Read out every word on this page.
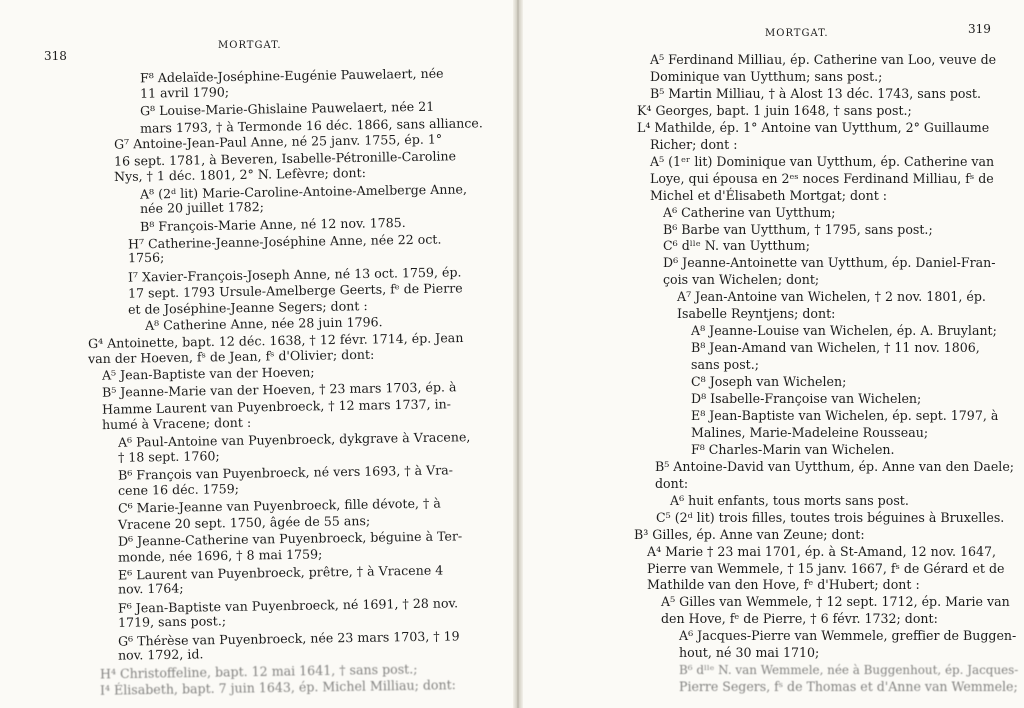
318
MORTGAT.
F⁸ Adelaïde-Joséphine-Eugénie Pauwelaert, née
11 avril 1790;
G⁸ Louise-Marie-Ghislaine Pauwelaert, née 21
mars 1793, † à Termonde 16 déc. 1866, sans alliance.
G⁷ Antoine-Jean-Paul Anne, né 25 janv. 1755, ép. 1°
16 sept. 1781, à Beveren, Isabelle-Pétronille-Caroline
Nys, † 1 déc. 1801, 2° N. Lefèvre; dont:
A⁸ (2ᵈ lit) Marie-Caroline-Antoine-Amelberge Anne,
née 20 juillet 1782;
B⁸ François-Marie Anne, né 12 nov. 1785.
H⁷ Catherine-Jeanne-Joséphine Anne, née 22 oct.
1756;
I⁷ Xavier-François-Joseph Anne, né 13 oct. 1759, ép.
17 sept. 1793 Ursule-Amelberge Geerts, fᵉ de Pierre
et de Joséphine-Jeanne Segers; dont :
A⁸ Catherine Anne, née 28 juin 1796.
G⁴ Antoinette, bapt. 12 déc. 1638, † 12 févr. 1714, ép. Jean
van der Hoeven, fˢ de Jean, fˢ d'Olivier; dont:
A⁵ Jean-Baptiste van der Hoeven;
B⁵ Jeanne-Marie van der Hoeven, † 23 mars 1703, ép. à
Hamme Laurent van Puyenbroeck, † 12 mars 1737, in-
humé à Vracene; dont :
A⁶ Paul-Antoine van Puyenbroeck, dykgrave à Vracene,
† 18 sept. 1760;
B⁶ François van Puyenbroeck, né vers 1693, † à Vra-
cene 16 déc. 1759;
C⁶ Marie-Jeanne van Puyenbroeck, fille dévote, † à
Vracene 20 sept. 1750, âgée de 55 ans;
D⁶ Jeanne-Catherine van Puyenbroeck, béguine à Ter-
monde, née 1696, † 8 mai 1759;
E⁶ Laurent van Puyenbroeck, prêtre, † à Vracene 4
nov. 1764;
F⁶ Jean-Baptiste van Puyenbroeck, né 1691, † 28 nov.
1719, sans post.;
G⁶ Thérèse van Puyenbroeck, née 23 mars 1703, † 19
nov. 1792, id.
H⁴ Christoffeline, bapt. 12 mai 1641, † sans post.;
I⁴ Élisabeth, bapt. 7 juin 1643, ép. Michel Milliau; dont:
319
MORTGAT.
A⁵ Ferdinand Milliau, ép. Catherine van Loo, veuve de
Dominique van Uytthum; sans post.;
B⁵ Martin Milliau, † à Alost 13 déc. 1743, sans post.
K⁴ Georges, bapt. 1 juin 1648, † sans post.;
L⁴ Mathilde, ép. 1° Antoine van Uytthum, 2° Guillaume
Richer; dont :
A⁵ (1ᵉʳ lit) Dominique van Uytthum, ép. Catherine van
Loye, qui épousa en 2ᵉˢ noces Ferdinand Milliau, fˢ de
Michel et d'Élisabeth Mortgat; dont :
A⁶ Catherine van Uytthum;
B⁶ Barbe van Uytthum, † 1795, sans post.;
C⁶ dˡˡᵉ N. van Uytthum;
D⁶ Jeanne-Antoinette van Uytthum, ép. Daniel-Fran-
çois van Wichelen; dont;
A⁷ Jean-Antoine van Wichelen, † 2 nov. 1801, ép.
Isabelle Reyntjens; dont:
A⁸ Jeanne-Louise van Wichelen, ép. A. Bruylant;
B⁸ Jean-Amand van Wichelen, † 11 nov. 1806,
sans post.;
C⁸ Joseph van Wichelen;
D⁸ Isabelle-Françoise van Wichelen;
E⁸ Jean-Baptiste van Wichelen, ép. sept. 1797, à
Malines, Marie-Madeleine Rousseau;
F⁸ Charles-Marin van Wichelen.
B⁵ Antoine-David van Uytthum, ép. Anne van den Daele;
dont:
A⁶ huit enfants, tous morts sans post.
C⁵ (2ᵈ lit) trois filles, toutes trois béguines à Bruxelles.
B³ Gilles, ép. Anne van Zeune; dont:
A⁴ Marie † 23 mai 1701, ép. à St-Amand, 12 nov. 1647,
Pierre van Wemmele, † 15 janv. 1667, fˢ de Gérard et de
Mathilde van den Hove, fᵉ d'Hubert; dont :
A⁵ Gilles van Wemmele, † 12 sept. 1712, ép. Marie van
den Hove, fᵉ de Pierre, † 6 févr. 1732; dont:
A⁶ Jacques-Pierre van Wemmele, greffier de Buggen-
hout, né 30 mai 1710;
B⁶ dˡˡᵉ N. van Wemmele, née à Buggenhout, ép. Jacques-
Pierre Segers, fˢ de Thomas et d'Anne van Wemmele;
